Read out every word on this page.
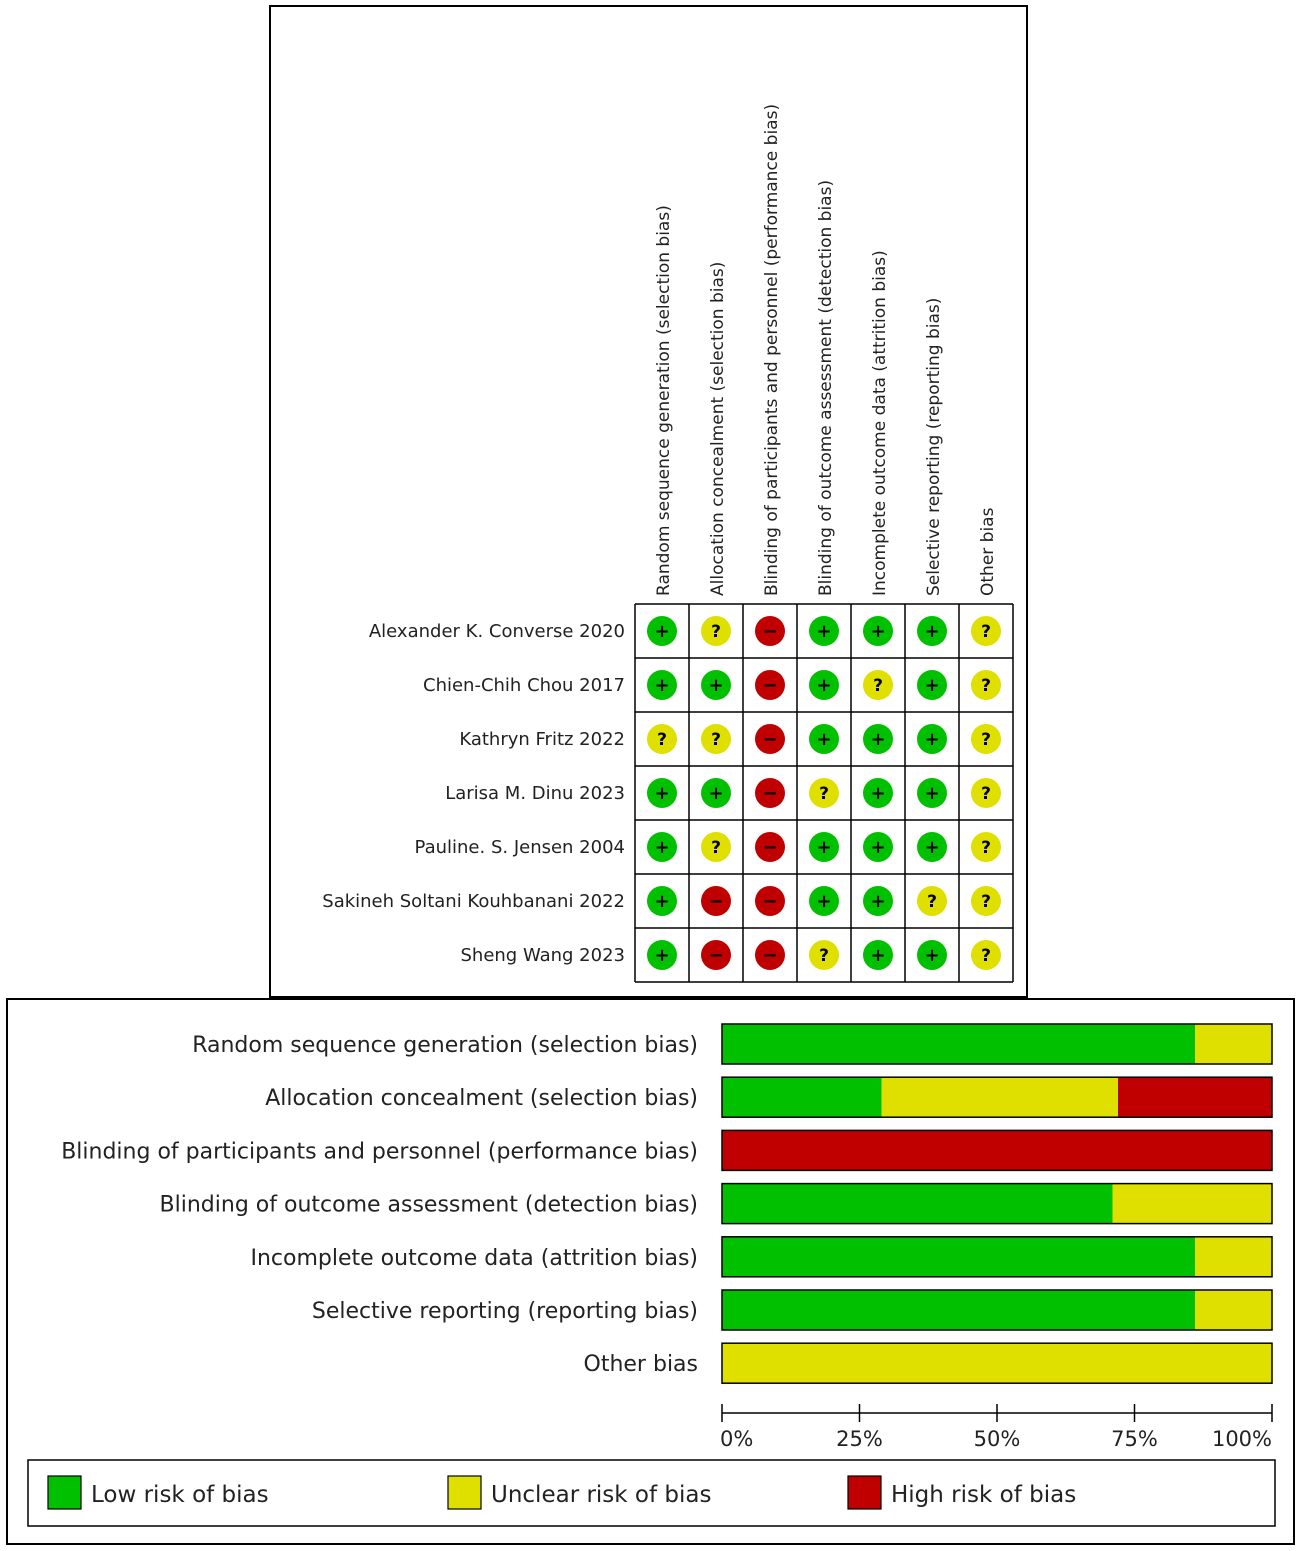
Random sequence generation (selection bias) Allocation concealment (selection bias) Blinding of participants and personnel (performance bias) Blinding of outcome assessment (detection bias) Incomplete outcome data (attrition bias) Selective reporting (reporting bias) Other bias
Alexander K. Converse 2020 + ? − + + + ?
Chien-Chih Chou 2017 + + − + ? + ?
Kathryn Fritz 2022 ?	? − + + + ?
Larisa M. Dinu 2023 + + − ? + + ?
Pauline. S. Jensen 2004 + ? − + + + ?
Sakineh Soltani Kouhbanani 2022 + − − + + ?	?
Sheng Wang 2023 + − − ? + + ?
Random sequence generation (selection bias)
Allocation concealment (selection bias)
Blinding of participants and personnel (performance bias)
Blinding of outcome assessment (detection bias)
Incomplete outcome data (attrition bias)
Selective reporting (reporting bias)
Other bias
0%	25%	50%	75%	100%
Low risk of bias	Unclear risk of bias	High risk of bias
